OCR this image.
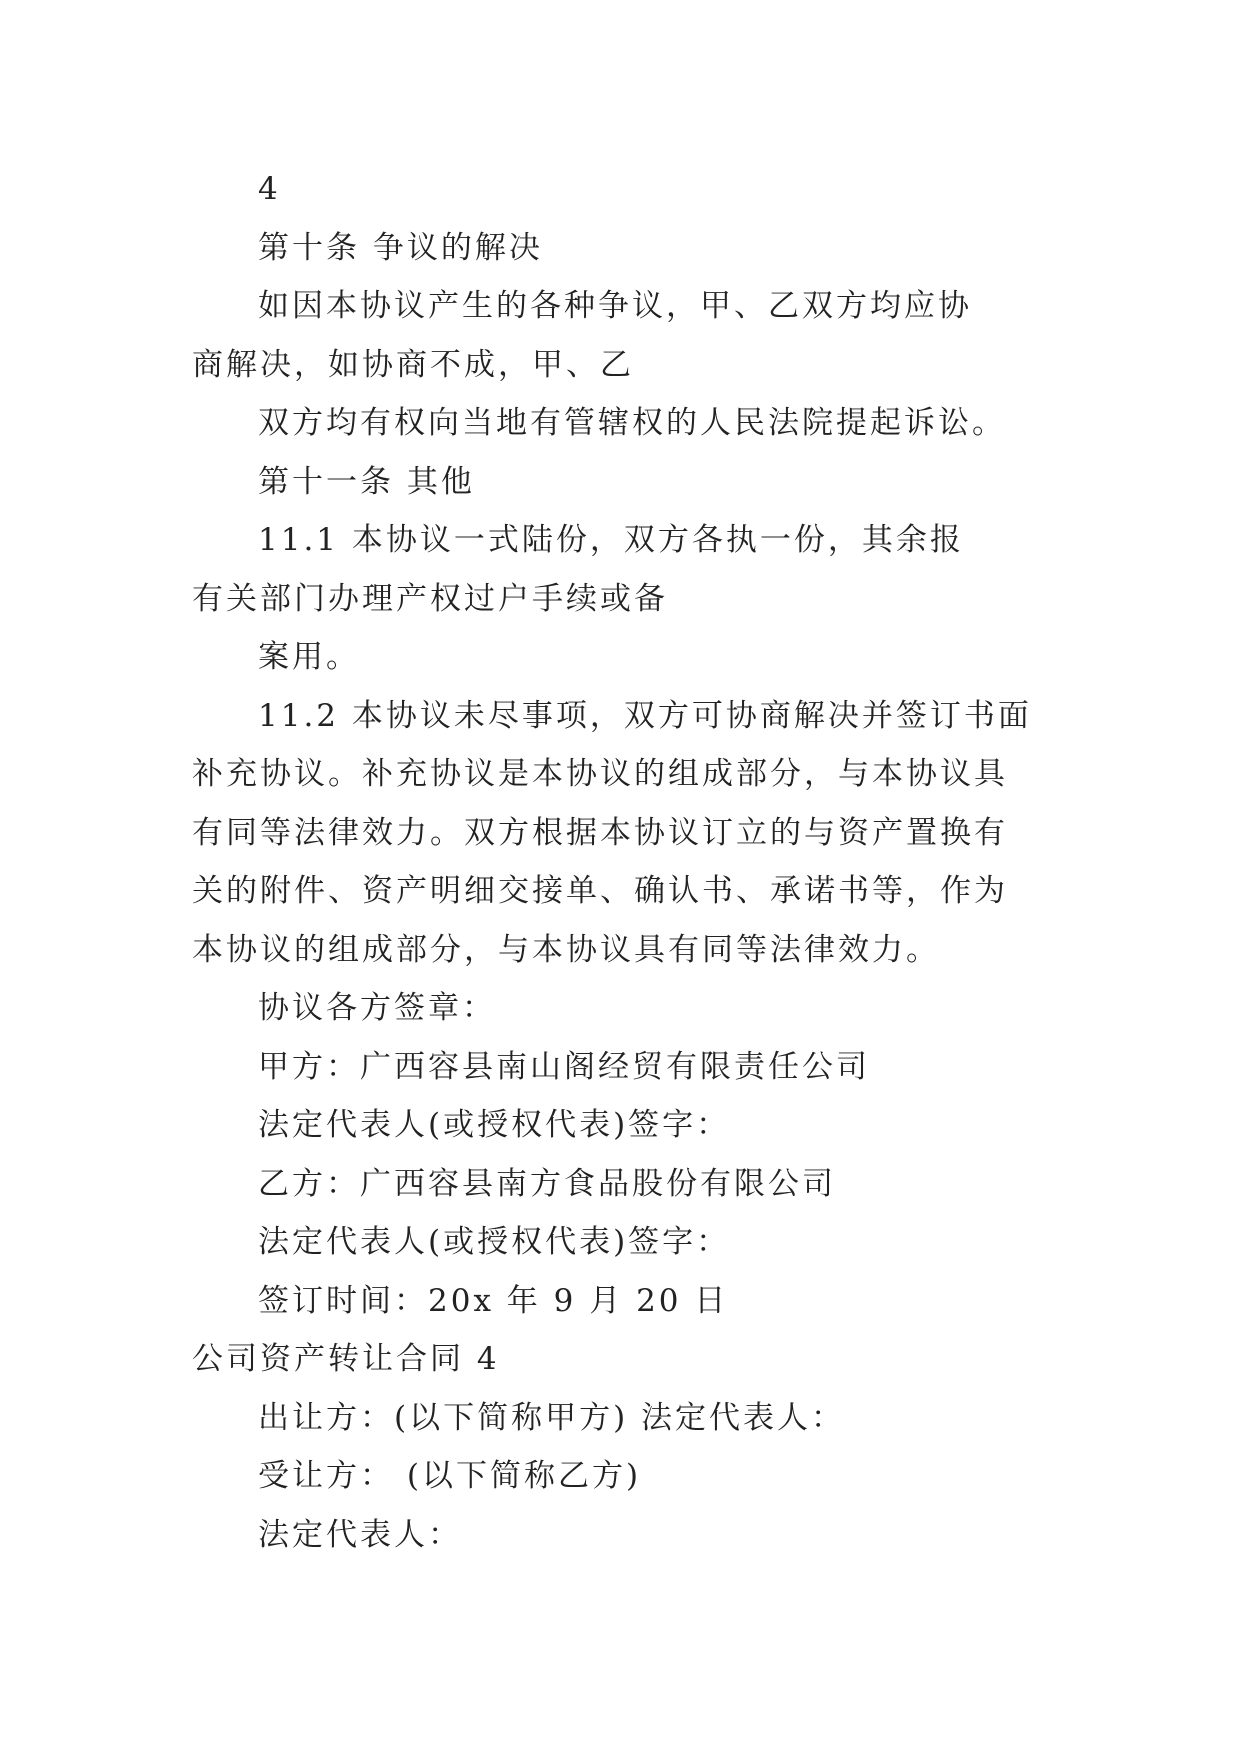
4

第十条 争议的解决

如因本协议产生的各种争议，甲、乙双方均应协商解决，如协商不成，甲、乙

双方均有权向当地有管辖权的人民法院提起诉讼。

第十一条 其他

11.1 本协议一式陆份，双方各执一份，其余报有关部门办理产权过户手续或备

案用。

11.2 本协议未尽事项，双方可协商解决并签订书面补充协议。补充协议是本协议的组成部分，与本协议具有同等法律效力。双方根据本协议订立的与资产置换有关的附件、资产明细交接单、确认书、承诺书等，作为本协议的组成部分，与本协议具有同等法律效力。

协议各方签章：

甲方：广西容县南山阁经贸有限责任公司

法定代表人(或授权代表)签字：

乙方：广西容县南方食品股份有限公司

法定代表人(或授权代表)签字：

签订时间：20x 年 9 月 20 日

公司资产转让合同 4

出让方：(以下简称甲方) 法定代表人：

受让方： (以下简称乙方)

法定代表人：
